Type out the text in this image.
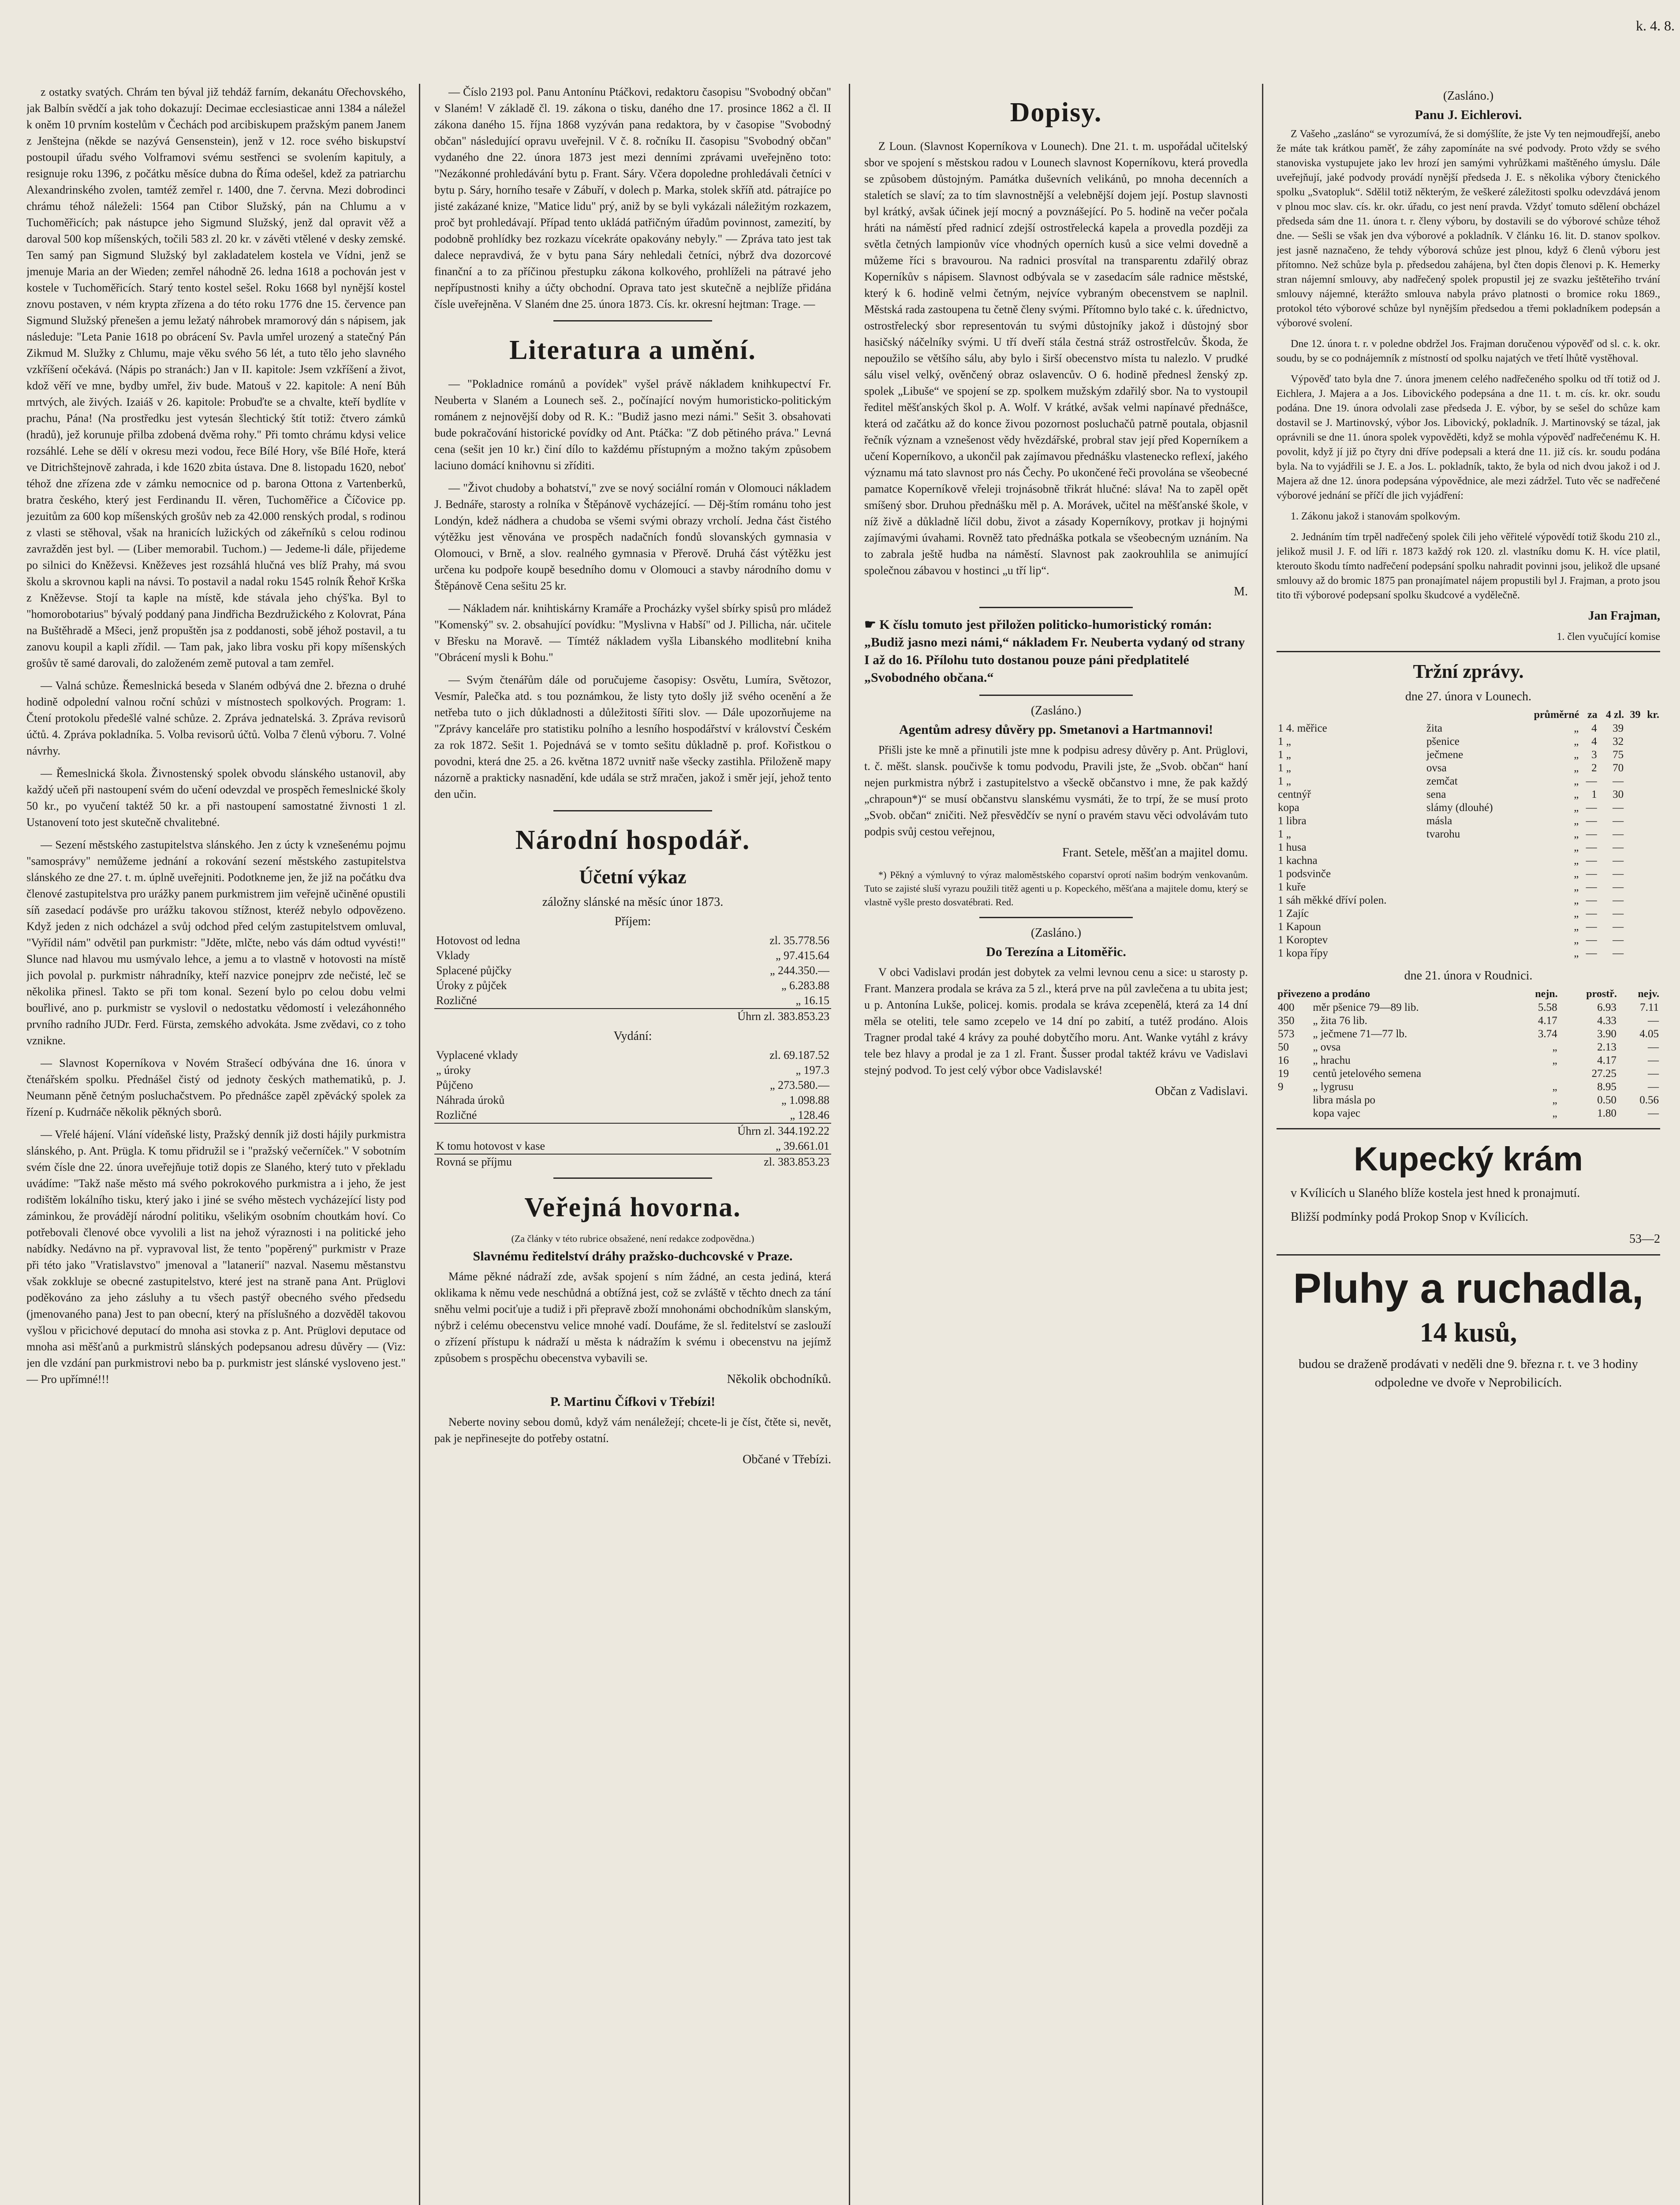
z ostatky svatých. Chrám ten býval již tehdáž farním, dekanátu Ořechovského, jak Balbín svědčí a jak toho dokazují: Decimae ecclesiasticae anni 1384 a náležel k oněm 10 prvním kostelům v Čechách pod arcibiskupem pražským panem Janem z Jenštejna (někde se nazývá Gensenstein), jenž v 12. roce svého biskupství postoupil úřadu svého Volframovi svému sestřenci se svolením kapituly, a resignuje roku 1396, z počátku měsíce dubna do Říma odešel, kdež za patriarchu Alexandrinského zvolen, tamtéž zemřel r. 1400, dne 7. června. Mezi dobrodinci chrámu téhož náleželi: 1564 pan Ctibor Služský, pán na Chlumu a v Tuchoměřicích; pak nástupce jeho Sigmund Služský, jenž dal opravit věž a daroval 500 kop míšenských, točili 583 zl. 20 kr. v závěti vtělené v desky zemské. Ten samý pan Sigmund Služský byl zakladatelem kostela ve Vídni, jenž se jmenuje Maria an der Wieden; zemřel náhodně 26. ledna 1618 a pochován jest v kostele v Tuchoměřicích. Starý tento kostel sešel. Roku 1668 byl nynější kostel znovu postaven, v ném krypta zřízena a do této roku 1776 dne 15. července pan Sigmund Služský přenešen a jemu ležatý náhrobek mramorový dán s nápisem, jak následuje: "Leta Panie 1618 po obrácení Sv. Pavla umřel urozený a statečný Pán Zikmud M. Služky z Chlumu, maje věku svého 56 lét, a tuto tělo jeho slavného vzkříšení očekává. (Nápis po stranách:) Jan v II. kapitole: Jsem vzkříšení a život, kdož věří ve mne, bydby umřel, živ bude. Matouš v 22. kapitole: A není Bůh mrtvých, ale živých. Izaiáš v 26. kapitole: Probuďte se a chvalte, kteří bydlíte v prachu, Pána! (Na prostředku jest vytesán šlechtický štít totiž: čtvero zámků (hradů), jež korunuje přilba zdobená dvěma rohy." Při tomto chrámu kdysi velice rozsáhlé. Lehe se dělí v okresu mezi vodou, řece Bílé Hory, vše Bílé Hoře, která ve Ditrichštejnově zahrada, i kde 1620 zbita ústava. Dne 8. listopadu 1620, neboť téhož dne zřízena zde v zámku nemocnice od p. barona Ottona z Vartenberků, bratra českého, který jest Ferdinandu II. věren, Tuchoměřice a Číčovice pp. jezuitům za 600 kop míšenských grošův neb za 42.000 renských prodal, s rodinou z vlasti se stěhoval, však na hranicích lužických od zákeřníků s celou rodinou zavražděn jest byl. — (Liber memorabil. Tuchom.) — Jedeme-li dále, přijedeme po silnici do Kněževsi. Kněževes jest rozsáhlá hlučná ves blíž Prahy, má svou školu a skrovnou kapli na návsi. To postavil a nadal roku 1545 rolník Řehoř Krška z Kněževse. Stojí ta kaple na místě, kde stávala jeho chýš'ka. Byl to "homorobotarius" bývalý poddaný pana Jindřicha Bezdružického z Kolovrat, Pána na Buštěhradě a Mšeci, jenž propuštěn jsa z poddanosti, sobě jéhož postavil, a tu zanovu koupil a kapli zřídil. — Tam pak, jako libra vosku při kopy míšenských grošův tě samé darovali, do založeném země putoval a tam zemřel.

— Valná schůze. Řemeslnická beseda v Slaném odbývá dne 2. března o druhé hodině odpolední valnou roční schůzi v místnostech spolkových. Program: 1. Čtení protokolu předešlé valné schůze. 2. Zpráva jednatelská. 3. Zpráva revisorů účtů. 4. Zpráva pokladníka. 5. Volba revisorů účtů. Volba 7 členů výboru. 7. Volné návrhy.

— Řemeslnická škola. Živnostenský spolek obvodu slánského ustanovil, aby každý učeň při nastoupení svém do učení odevzdal ve prospěch řemeslnické školy 50 kr., po vyučení taktéž 50 kr. a při nastoupení samostatné živnosti 1 zl. Ustanovení toto jest skutečně chvalitebné.

— Sezení městského zastupitelstva slánského. Jen z úcty k vznešenému pojmu "samosprávy" nemůžeme jednání a rokování sezení městského zastupitelstva slánského ze dne 27. t. m. úplně uveřejniti. Podotkneme jen, že již na počátku dva členové zastupitelstva pro urážky panem purkmistrem jim veřejně učiněné opustili síň zasedací podávše pro urážku takovou stížnost, kteréž nebylo odpovězeno. Když jeden z nich odcházel a svůj odchod před celým zastupitelstvem omluval, "Vyřídil nám" odvětil pan purkmistr: "Jděte, mlčte, nebo vás dám odtud vyvésti!" Slunce nad hlavou mu usmývalo lehce, a jemu a to vlastně v hotovosti na místě jich povolal p. purkmistr náhradníky, kteří nazvice ponejprv zde nečisté, leč se několika přinesl. Takto se při tom konal. Sezení bylo po celou dobu velmi bouřlivé, ano p. purkmistr se vyslovil o nedostatku vědomostí i velezáhonného prvního radního JUDr. Ferd. Fürsta, zemského advokáta. Jsme zvědavi, co z toho vznikne.

— Slavnost Koperníkova v Novém Strašecí odbývána dne 16. února v čtenářském spolku. Přednášel čistý od jednoty českých mathematiků, p. J. Neumann pěně četným posluchačstvem. Po přednášce zapěl zpěvácký spolek za řízení p. Kudrnáče několik pěkných sborů.

— Vřelé hájení. Vlání vídeňské listy, Pražský denník již dosti hájily purkmistra slánského, p. Ant. Prügla. K tomu přidružil se i "pražský večerníček." V sobotním svém čísle dne 22. února uveřejňuje totiž dopis ze Slaného, který tuto v překladu uvádíme: "Takž naše město má svého pokrokového purkmistra a i jeho, že jest rodištěm lokálního tisku, který jako i jiné se svého městech vycházející listy pod záminkou, že provádějí národní politiku, všelikým osobním choutkám hoví. Co potřebovali členové obce vyvolili a list na jehož výraznosti i na politické jeho nabídky. Nedávno na př. vypravoval list, že tento "popěrený" purkmistr v Praze při této jako "Vratislavstvo" jmenoval a "latanerií" nazval. Nasemu městanstvu však zokkluje se obecné zastupitelstvo, které jest na straně pana Ant. Prüglovi poděkováno za jeho zásluhy a tu všech pastýř obecného svého předsedu (jmenovaného pana) Jest to pan obecní, který na příslušného a dozvěděl takovou vyšlou v přicichové deputací do mnoha asi stovka z p. Ant. Prüglovi deputace od mnoha asi měšťanů a purkmistrů slánských podepsanou adresu důvěry — (Viz: jen dle vzdání pan purkmistrovi nebo ba p. purkmistr jest slánské vysloveno jest." — Pro upřímné!!!

— Číslo 2193 pol. Panu Antonínu Ptáčkovi, redaktoru časopisu "Svobodný občan" v Slaném! V základě čl. 19. zákona o tisku, daného dne 17. prosince 1862 a čl. II zákona daného 15. října 1868 vyzýván pana redaktora, by v časopise "Svobodný občan" následující opravu uveřejnil. V č. 8. ročníku II. časopisu "Svobodný občan" vydaného dne 22. února 1873 jest mezi denními zprávami uveřejněno toto: "Nezákonné prohledávání bytu p. Frant. Sáry. Včera dopoledne prohledávali četníci v bytu p. Sáry, horního tesaře v Zábuří, v dolech p. Marka, stolek skříň atd. pátrajíce po jisté zakázané knize, "Matice lidu" prý, aniž by se byli vykázali náležitým rozkazem, proč byt prohledávají. Případ tento ukládá patřičným úřadům povinnost, zamezití, by podobně prohlídky bez rozkazu vícekráte opakovány nebyly." — Zpráva tato jest tak dalece nepravdivá, že v bytu pana Sáry nehledali četníci, nýbrž dva dozorcové finanční a to za příčinou přestupku zákona kolkového, prohlíželi na pátravé jeho nepřípustnosti knihy a účty obchodní. Oprava tato jest skutečně a nejblíže přidána čísle uveřejněna. V Slaném dne 25. února 1873. Cís. kr. okresní hejtman: Trage. —

Literatura a umění.

— "Pokladnice románů a povídek" vyšel právě nákladem knihkupectví Fr. Neuberta v Slaném a Lounech seš. 2., počínající novým humoristicko-politickým románem z nejnovější doby od R. K.: "Budiž jasno mezi námi." Sešit 3. obsahovati bude pokračování historické povídky od Ant. Ptáčka: "Z dob pětiného práva." Levná cena (sešit jen 10 kr.) činí dílo to každému přístupným a možno takým způsobem laciuno domácí knihovnu si zříditi.

— "Život chudoby a bohatství," zve se nový sociální román v Olomouci nákladem J. Bednáře, starosty a rolníka v Štěpánově vycházející. — Děj-štím románu toho jest Londýn, kdež nádhera a chudoba se všemi svými obrazy vrcholí. Jedna část čistého výtěžku jest věnována ve prospěch nadačních fondů slovanských gymnasia v Olomouci, v Brně, a slov. realného gymnasia v Přerově. Druhá část výtěžku jest určena ku podpoře koupě besedního domu v Olomouci a stavby národního domu v Štěpánově Cena sešitu 25 kr.

— Nákladem nár. knihtiskárny Kramáře a Procházky vyšel sbírky spisů pro mládež "Komenský" sv. 2. obsahující povídku: "Myslivna v Habší" od J. Pillicha, nár. učitele v Břesku na Moravě. — Tímtéž nákladem vyšla Libanského modlitební kniha "Obrácení mysli k Bohu."

— Svým čtenářům dále od poručujeme časopisy: Osvětu, Lumíra, Světozor, Vesmír, Palečka atd. s tou poznámkou, že listy tyto došly již svého ocenění a že netřeba tuto o jich důkladnosti a důležitosti šířiti slov. — Dále upozorňujeme na "Zprávy kanceláře pro statistiku polního a lesního hospodářství v království Českém za rok 1872. Sešit 1. Pojednává se v tomto sešitu důkladně p. prof. Kořistkou o povodni, která dne 25. a 26. května 1872 uvnitř naše všecky zastihla. Přiloženě mapy názorně a prakticky nasnadění, kde udála se strž mračen, jakož i směr její, jehož tento den učin.

Národní hospodář.
Účetní výkaz
záložny slánské na měsíc únor 1873.
Příjem:
Hotovost od ledna	zl. 35.778.56
Vklady	„ 97.415.64
Splacené půjčky	„ 244.350.—
Úroky z půjček	„ 6.283.88
Rozličné	„ 16.15
	Úhrn zl. 383.853.23
Vydání:
Vyplacené vklady	zl. 69.187.52
„ úroky	„ 197.3
Půjčeno	„ 273.580.—
Náhrada úroků	„ 1.098.88
Rozličné	„ 128.46
	Úhrn zl. 344.192.22
K tomu hotovost v kase	„ 39.661.01
Rovná se příjmu	zl. 383.853.23
Veřejná hovorna.
(Za články v této rubrice obsažené, není redakce zodpovědna.)
Slavnému ředitelství dráhy pražsko-duchcovské v Praze.

Máme pěkné nádraží zde, avšak spojení s ním žádné, an cesta jediná, která oklikama k němu vede neschůdná a obtížná jest, což se zvláště v těchto dnech za tání sněhu velmi pociťuje a tudiž i při přepravě zboží mnohonámi obchodníkům slanským, nýbrž i celému obecenstvu velice mnohé vadí. Doufáme, že sl. ředitelství se zaslouží o zřízení přístupu k nádraží u města k nádražím k svému i obecenstvu na jejímž způsobem s prospěchu obecenstva vybavili se.

Několik obchodníků.
P. Martinu Čífkovi v Třebízi!

Neberte noviny sebou domů, když vám nenáležejí; chcete-li je číst, čtěte si, nevět, pak je nepřinesejte do potřeby ostatní.

Občané v Třebízi.
Dopisy.

Z Loun. (Slavnost Koperníkova v Lounech). Dne 21. t. m. uspořádal učitelský sbor ve spojení s městskou radou v Lounech slavnost Koperníkovu, která provedla se způsobem důstojným. Památka duševních velikánů, po mnoha decenních a staletích se slaví; za to tím slavnostnější a velebnější dojem její. Postup slavnosti byl krátký, avšak účinek její mocný a povznášející. Po 5. hodině na večer počala hráti na náměstí před radnicí zdejší ostrostřelecká kapela a provedla později za světla četných lampionův více vhodných operních kusů a sice velmi dovedně a můžeme říci s bravourou. Na radnici prosvítal na transparentu zdařilý obraz Koperníkův s nápisem. Slavnost odbývala se v zasedacím sále radnice městské, který k 6. hodině velmi četným, nejvíce vybraným obecenstvem se naplnil. Městská rada zastoupena tu četně členy svými. Přítomno bylo také c. k. úřednictvo, ostrostřelecký sbor representován tu svými důstojníky jakož i důstojný sbor hasičský náčelníky svými. U tří dveří stála čestná stráž ostrostřelcův. Škoda, že nepoužilo se většího sálu, aby bylo i širší obecenstvo místa tu nalezlo. V prudké sálu visel velký, ověnčený obraz oslavencův. O 6. hodině přednesl ženský zp. spolek „Libuše“ ve spojení se zp. spolkem mužským zdařilý sbor. Na to vystoupil ředitel měšťanských škol p. A. Wolf. V krátké, avšak velmi napínavé přednášce, která od začátku až do konce živou pozornost posluchačů patrně poutala, objasnil řečník význam a vznešenost vědy hvězdářské, probral stav její před Koperníkem a učení Koperníkovo, a ukončil pak zajímavou přednášku vlastenecko reflexí, jakého významu má tato slavnost pro nás Čechy. Po ukončené řeči provolána se všeobecné pamatce Koperníkově vřeleji trojnásobně třikrát hlučné: sláva! Na to zapěl opět smíšený sbor. Druhou přednášku měl p. A. Morávek, učitel na měšťanské škole, v níž živě a důkladně líčil dobu, život a zásady Koperníkovy, protkav ji hojnými zajímavými úvahami. Rovněž tato přednáška potkala se všeobecným uznáním. Na to zabrala ještě hudba na náměstí. Slavnost pak zaokrouhlila se animující společnou zábavou v hostinci „u tří lip“.

M.
☛ K číslu tomuto jest přiložen politicko-humoristický román: „Budiž jasno mezi námi,“ nákladem Fr. Neuberta vydaný od strany I až do 16. Přílohu tuto dostanou pouze páni předplatitelé „Svobodného občana.“
(Zasláno.)
Agentům adresy důvěry pp. Smetanovi a Hartmannovi!

Přišli jste ke mně a přinutili jste mne k podpisu adresy důvěry p. Ant. Prüglovi, t. č. měšt. slansk. poučivše k tomu podvodu, Pravili jste, že „Svob. občan“ haní nejen purkmistra nýbrž i zastupitelstvo a všeckě občanstvo i mne, že pak každý „chrapoun*)“ se musí občanstvu slanskému vysmáti, že to trpí, že se musí proto „Svob. občan“ zničiti. Než přesvědčív se nyní o pravém stavu věci odvolávám tuto podpis svůj cestou veřejnou,

Frant. Setele, měšťan a majitel domu.

*) Pěkný a výmluvný to výraz maloměstského coparství oprotí našim bodrým venkovanům. Tuto se zajisté sluší vyrazu použili titěž agenti u p. Kopeckého, měšťana a majitele domu, který se vlastně vyšle presto dosvatébrati. Red.

(Zasláno.)
Do Terezína a Litoměřic.

V obci Vadislavi prodán jest dobytek za velmi levnou cenu a sice: u starosty p. Frant. Manzera prodala se kráva za 5 zl., která prve na půl zavlečena a tu ubita jest; u p. Antonína Lukše, policej. komis. prodala se kráva zcepenělá, která za 14 dní měla se oteliti, tele samo zcepelo ve 14 dní po zabití, a tutéž prodáno. Alois Tragner prodal také 4 krávy za pouhé dobytčího moru. Ant. Wanke vytáhl z krávy tele bez hlavy a prodal je za 1 zl. Frant. Šusser prodal taktéž krávu ve Vadislavi stejný podvod. To jest celý výbor obce Vadislavské!

Občan z Vadislavi.
(Zasláno.)
Panu J. Eichlerovi.

Z Vašeho „zasláno“ se vyrozumívá, že si domýšlíte, že jste Vy ten nejmoudřejší, anebo že máte tak krátkou paměť, že záhy zapomínáte na své podvody. Proto vždy se svého stanoviska vystupujete jako lev hrozí jen samými vyhrůžkami maštěného úmyslu. Dále uveřejňují, jaké podvody provádí nynější předseda J. E. s několika výbory čtenického spolku „Svatopluk“. Sdělil totiž některým, že veškeré záležitosti spolku odevzdává jenom v plnou moc slav. cís. kr. okr. úřadu, co jest není pravda. Vždyť tomuto sdělení obcházel předseda sám dne 11. února t. r. členy výboru, by dostavili se do výborové schůze téhož dne. — Sešli se však jen dva výborové a pokladník. V článku 16. lit. D. stanov spolkov. jest jasně naznačeno, že tehdy výborová schůze jest plnou, když 6 členů výboru jest přítomno. Než schůze byla p. předsedou zahájena, byl čten dopis členovi p. K. Hemerky stran nájemní smlouvy, aby nadřečený spolek propustil jej ze svazku ještěteřiho trvání smlouvy nájemné, kterážto smlouva nabyla právo platnosti o bromice roku 1869., protokol této výborové schůze byl nynějším předsedou a třemi pokladníkem podepsán a výborové svolení.

Dne 12. února t. r. v poledne obdržel Jos. Frajman doručenou výpověď od sl. c. k. okr. soudu, by se co podnájemník z místností od spolku najatých ve třetí lhůtě vystěhoval.

Výpověď tato byla dne 7. února jmenem celého nadřečeného spolku od tří totiž od J. Eichlera, J. Majera a a Jos. Libovického podepsána a dne 11. t. m. cís. kr. okr. soudu podána. Dne 19. února odvolali zase předseda J. E. výbor, by se sešel do schůze kam dostavil se J. Martinovský, výbor Jos. Libovický, pokladník. J. Martinovský se tázal, jak oprávnili se dne 11. února spolek vypověděti, když se mohla výpověď nadřečenému K. H. povolit, když jí již po čtyry dni dříve podepsali a která dne 11. již cís. kr. soudu podána byla. Na to vyjádřili se J. E. a Jos. L. pokladník, takto, že byla od nich dvou jakož i od J. Majera až dne 12. února podepsána výpovědnice, ale mezi zádržel. Tuto věc se nadřečené výborové jednání se příčí dle jich vyjádření:

1. Zákonu jakož i stanovám spolkovým.

2. Jednáním tím trpěl nadřečený spolek čili jeho věřitelé výpovědí totiž škodu 210 zl., jelikož musil J. F. od líři r. 1873 každý rok 120. zl. vlastníku domu K. H. více platil, kterouto škodu tímto nadřečení podepsání spolku nahradit povinni jsou, jelikož dle upsané smlouvy až do bromic 1875 pan pronajímatel nájem propustili byl J. Frajman, a proto jsou tito tři výborové podepsaní spolku škudcové a vydělečně.

Jan Frajman,
1. člen vyučující komise
Tržní zprávy.
dne 27. února v Lounech.
		průměrné	za	4 zl.	39	kr.
1 4. měřice	žita	„	4	39		
1 „	pšenice	„	4	32		
1 „	ječmene	„	3	75		
1 „	ovsa	„	2	70		
1 „	zemčat	„	—	—		
centnýř	sena	„	1	30		
kopa	slámy (dlouhé)	„	—	—		
1 libra	másla	„	—	—		
1 „	tvarohu	„	—	—		
1 husa		„	—	—		
1 kachna		„	—	—		
1 podsvinče		„	—	—		
1 kuře		„	—	—		
1 sáh měkké dříví polen.		„	—	—		
1 Zajíc		„	—	—		
1 Kapoun		„	—	—		
1 Koroptev		„	—	—		
1 kopa řípy		„	—	—		
dne 21. února v Roudnici.
přivezeno a prodáno		nejn.	prostř.	nejv.
400	měr pšenice 79—89 lib.	5.58	6.93	7.11
350	„ žita 76 lib.	4.17	4.33	—
573	„ ječmene 71—77 lb.	3.74	3.90	4.05
50	„ ovsa	„	2.13	—
16	„ hrachu	„	4.17	—
19	centů jetelového semena		27.25	—
9	„ lygrusu	„	8.95	—
	libra másla po	„	0.50	0.56
	kopa vajec	„	1.80	—
Kupecký krám

v Kvílicích u Slaného blíže kostela jest hned k pronajmutí.

Bližší podmínky podá Prokop Snop v Kvílicích.

53—2
Pluhy a ruchadla,
14 kusů,

budou se draženě prodávati v neděli dne 9. března r. t. ve 3 hodiny odpoledne ve dvoře v Neprobilicích.

k. 4. 8.
